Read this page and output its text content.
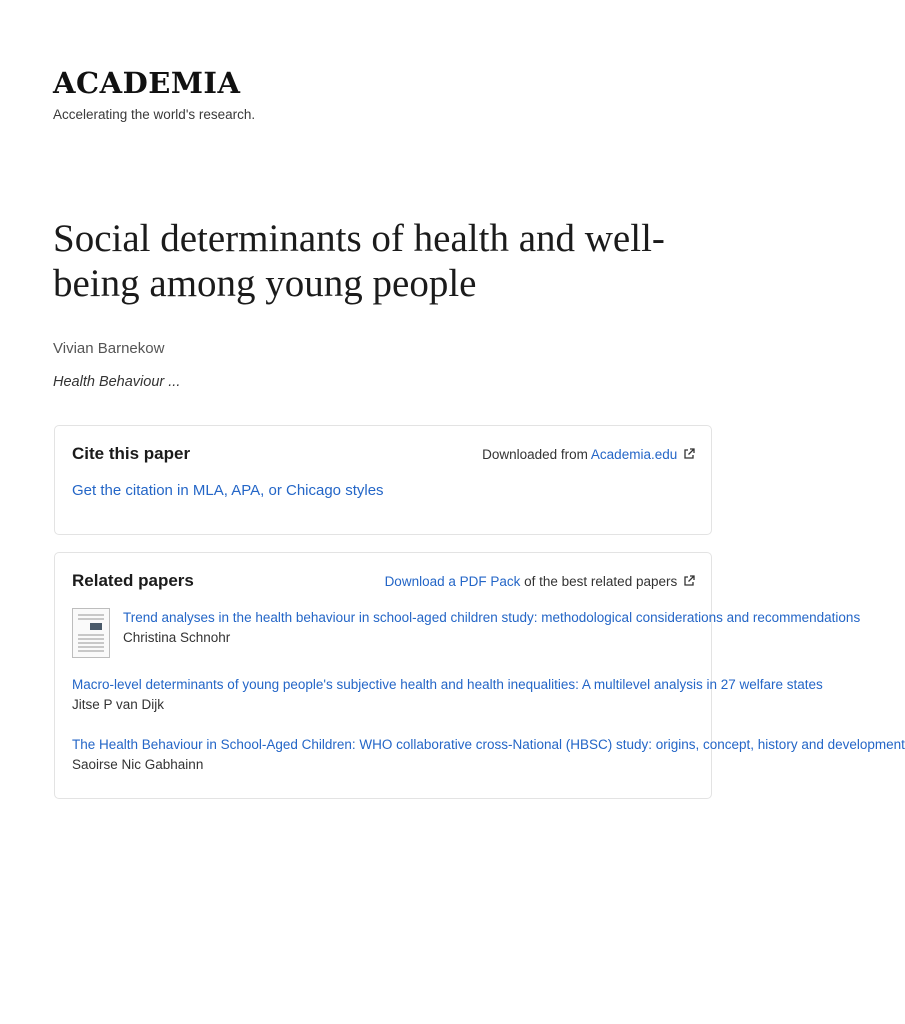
ACADEMIA
Accelerating the world's research.
Social determinants of health and well-being among young people
Vivian Barnekow
Health Behaviour ...
Cite this paper	Downloaded from Academia.edu
Get the citation in MLA, APA, or Chicago styles
Related papers	Download a PDF Pack of the best related papers
Trend analyses in the health behaviour in school-aged children study: methodological considerations and recommendations
Christina Schnohr
Macro-level determinants of young people's subjective health and health inequalities: A multilevel analysis in 27 welfare states
Jitse P van Dijk
The Health Behaviour in School-Aged Children: WHO collaborative cross-National (HBSC) study: origins, concept, history and development
Saoirse Nic Gabhainn
